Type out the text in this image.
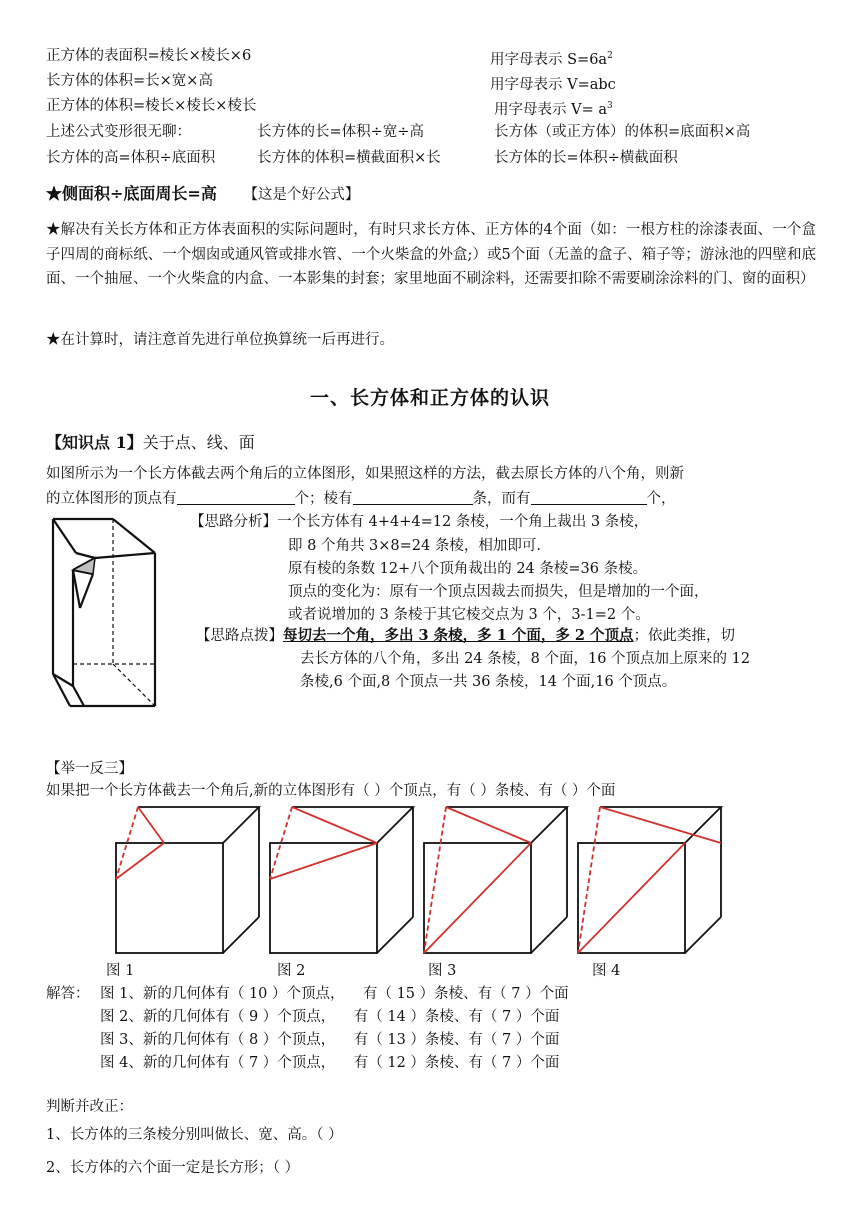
正方体的表面积=棱长×棱长×6	用字母表示 $S=6a^2$
长方体的体积=长×宽×高	用字母表示 V=abc
正方体的体积=棱长×棱长×棱长	用字母表示 $V= a^3$
上述公式变形很无聊：	长方体的长=体积÷宽÷高	长方体（或正方体）的体积=底面积×高
长方体的高=体积÷底面积	长方体的体积=横截面积×长	长方体的长=体积÷横截面积
★侧面积÷底面周长=高 【这是个好公式】
★解决有关长方体和正方体表面积的实际问题时，有时只求长方体、正方体的4个面（如：一根方柱的涂漆表面、一个盒子四周的商标纸、一个烟囱或通风管或排水管、一个火柴盒的外盒;）或5个面（无盖的盒子、箱子等；游泳池的四壁和底面、一个抽屉、一个火柴盒的内盒、一本影集的封套；家里地面不刷涂料，还需要扣除不需要刷涂涂料的门、窗的面积）
★在计算时，请注意首先进行单位换算统一后再进行。
一、长方体和正方体的认识
【知识点 1】关于点、线、面
如图所示为一个长方体截去两个角后的立体图形，如果照这样的方法，截去原长方体的八个角，则新
的立体图形的顶点有	个；棱有	条，而有	个，
【思路分析】一个长方体有 4+4+4=12 条棱，一个角上裁出 3 条棱，
即 8 个角共 3×8=24 条棱，相加即可.
原有棱的条数 12+八个顶角裁出的 24 条棱=36 条棱。
顶点的变化为：原有一个顶点因裁去而损失，但是增加的一个面，
或者说增加的 3 条棱于其它棱交点为 3 个，3-1=2 个。
【思路点拨】每切去一个角，多出 3 条棱，多 1 个面，多 2 个顶点；依此类推，切
去长方体的八个角，多出 24 条棱，8 个面，16 个顶点加上原来的 12
条棱,6 个面,8 个顶点一共 36 条棱，14 个面,16 个顶点。
【举一反三】
如果把一个长方体截去一个角后,新的立体图形有（ ）个顶点，有（ ）条棱、有（ ）个面
图 1	图 2	图 3	图 4
解答： 图 1、新的几何体有（ 10 ）个顶点， 有（ 15 ）条棱、有（ 7 ）个面
图 2、新的几何体有（ 9 ）个顶点， 有（ 14 ）条棱、有（ 7 ）个面
图 3、新的几何体有（ 8 ）个顶点， 有（ 13 ）条棱、有（ 7 ）个面
图 4、新的几何体有（ 7 ）个顶点， 有（ 12 ）条棱、有（ 7 ）个面
判断并改正：
1、长方体的三条棱分别叫做长、宽、高。（ ）
2、长方体的六个面一定是长方形；（ ）
